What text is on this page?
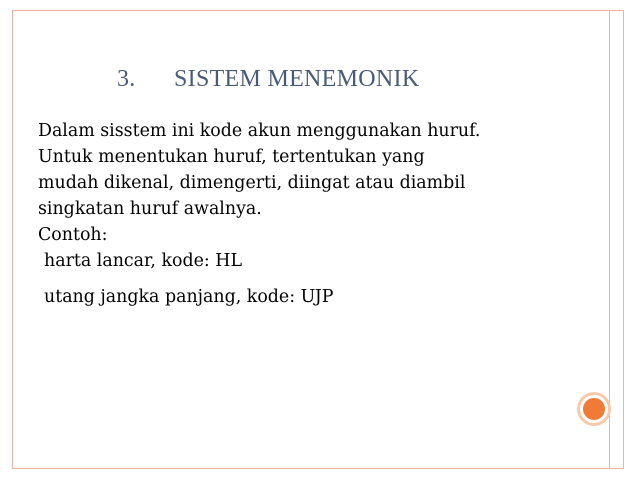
3. SISTEM MENEMONIK

Dalam sisstem ini kode akun menggunakan huruf.
Untuk menentukan huruf, tertentukan yang
mudah dikenal, dimengerti, diingat atau diambil
singkatan huruf awalnya.

Contoh:

harta lancar, kode: HL

utang jangka panjang, kode: UJP
